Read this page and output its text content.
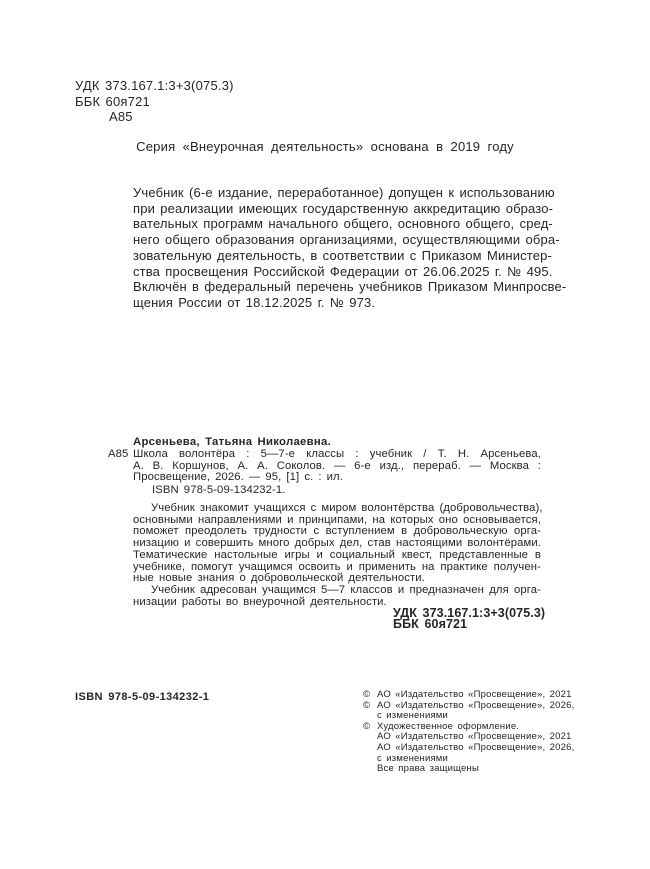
УДК 373.167.1:3+3(075.3)
ББК 60я721
А85
Серия «Внеурочная деятельность» основана в 2019 году
Учебник (6-е издание, переработанное) допущен к использованию
при реализации имеющих государственную аккредитацию образо-
вательных программ начального общего, основного общего, сред-
него общего образования организациями, осуществляющими обра-
зовательную деятельность, в соответствии с Приказом Министер-
ства просвещения Российской Федерации от 26.06.2025 г. № 495.
Включён в федеральный перечень учебников Приказом Минпросве-
щения России от 18.12.2025 г. № 973.
Арсеньева, Татьяна Николаевна.
А85 Школа волонтёра : 5—7-е классы : учебник / Т. Н. Арсеньева,
А. В. Коршунов, А. А. Соколов. — 6-е изд., перераб. — Москва :
Просвещение, 2026. — 95, [1] с. : ил.
ISBN 978-5-09-134232-1.
Учебник знакомит учащихся с миром волонтёрства (добровольчества),
основными направлениями и принципами, на которых оно основывается,
поможет преодолеть трудности с вступлением в добровольческую орга-
низацию и совершить много добрых дел, став настоящими волонтёрами.
Тематические настольные игры и социальный квест, представленные в
учебнике, помогут учащимся освоить и применить на практике получен-
ные новые знания о добровольческой деятельности.
Учебник адресован учащимся 5—7 классов и предназначен для орга-
низации работы во внеурочной деятельности.
УДК 373.167.1:3+3(075.3)
ББК 60я721
ISBN 978-5-09-134232-1	© АО «Издательство «Просвещение», 2021
© АО «Издательство «Просвещение», 2026,
с изменениями
© Художественное оформление.
АО «Издательство «Просвещение», 2021
АО «Издательство «Просвещение», 2026,
с изменениями
Все права защищены
